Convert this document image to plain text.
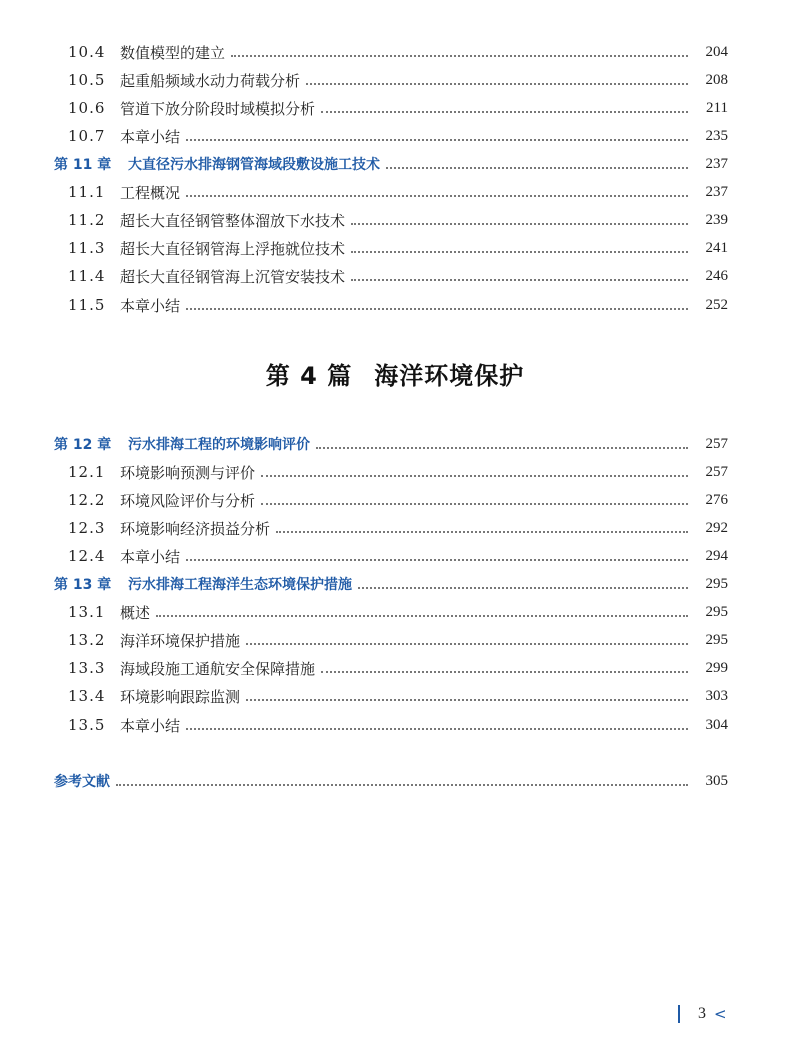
10.4 数值模型的建立	204
10.5 起重船频域水动力荷载分析	208
10.6 管道下放分阶段时域模拟分析	211
10.7 本章小结	235
第 11 章	大直径污水排海钢管海域段敷设施工技术	237
11.1 工程概况	237
11.2 超长大直径钢管整体溜放下水技术	239
11.3 超长大直径钢管海上浮拖就位技术	241
11.4 超长大直径钢管海上沉管安装技术	246
11.5 本章小结	252
第 4 篇 海洋环境保护
第 12 章	污水排海工程的环境影响评价	257
12.1 环境影响预测与评价	257
12.2 环境风险评价与分析	276
12.3 环境影响经济损益分析	292
12.4 本章小结	294
第 13 章	污水排海工程海洋生态环境保护措施	295
13.1 概述	295
13.2 海洋环境保护措施	295
13.3 海域段施工通航安全保障措施	299
13.4 环境影响跟踪监测	303
13.5 本章小结	304
参考文献	305
3 <
